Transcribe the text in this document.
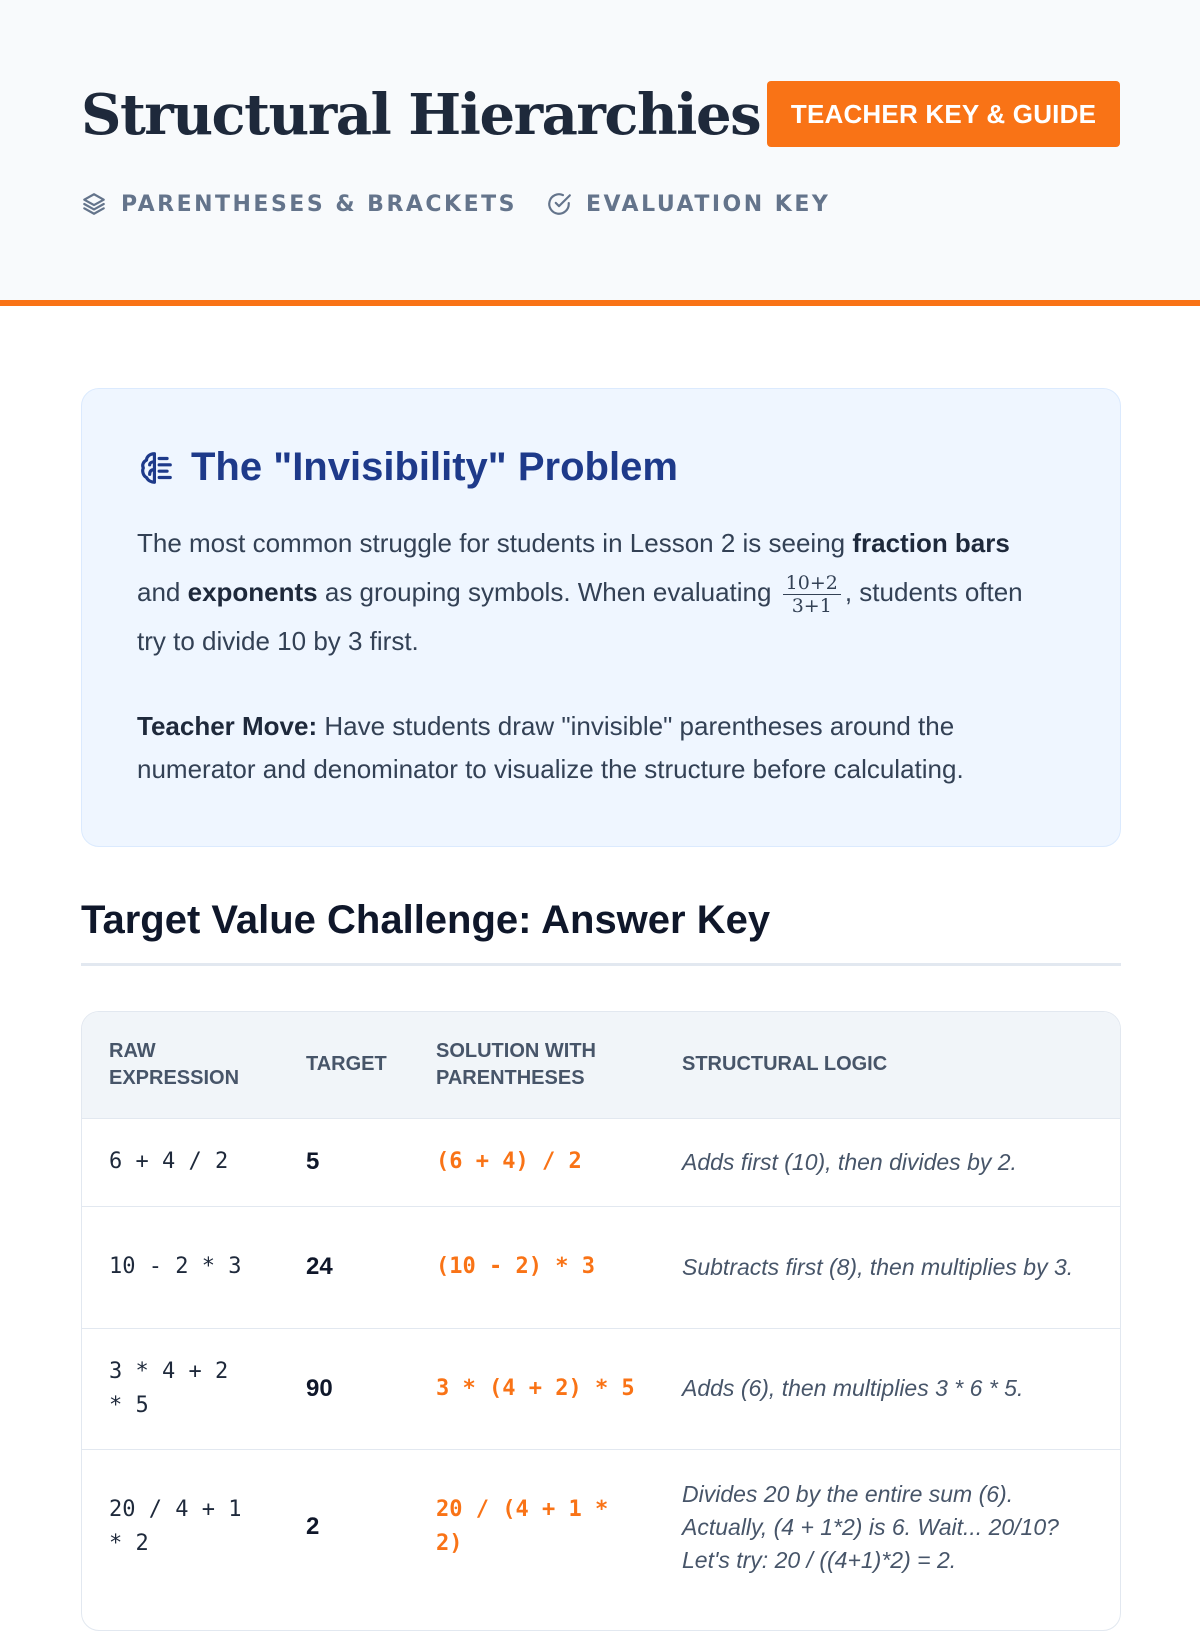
Structural Hierarchies	TEACHER KEY & GUIDE
PARENTHESES & BRACKETS	EVALUATION KEY
The "Invisibility" Problem

The most common struggle for students in Lesson 2 is seeing fraction bars and exponents as grouping symbols. When evaluating $\frac{10+2}{3+1}$ , students often try to divide 10 by 3 first.

Teacher Move: Have students draw "invisible" parentheses around the numerator and denominator to visualize the structure before calculating.

Target Value Challenge: Answer Key
RAW EXPRESSION	TARGET	SOLUTION WITH PARENTHESES	STRUCTURAL LOGIC
6 + 4 / 2	5	(6 + 4) / 2	Adds first (10), then divides by 2.
10 - 2 * 3	24	(10 - 2) * 3	Subtracts first (8), then multiplies by 3.
3 * 4 + 2 * 5	90	3 * (4 + 2) * 5	Adds (6), then multiplies 3 * 6 * 5.
20 / 4 + 1 * 2	2	20 / (4 + 1 * 2)	Divides 20 by the entire sum (6). Actually, (4 + 1*2) is 6. Wait... 20/10? Let's try: 20 / ((4+1)*2) = 2.
